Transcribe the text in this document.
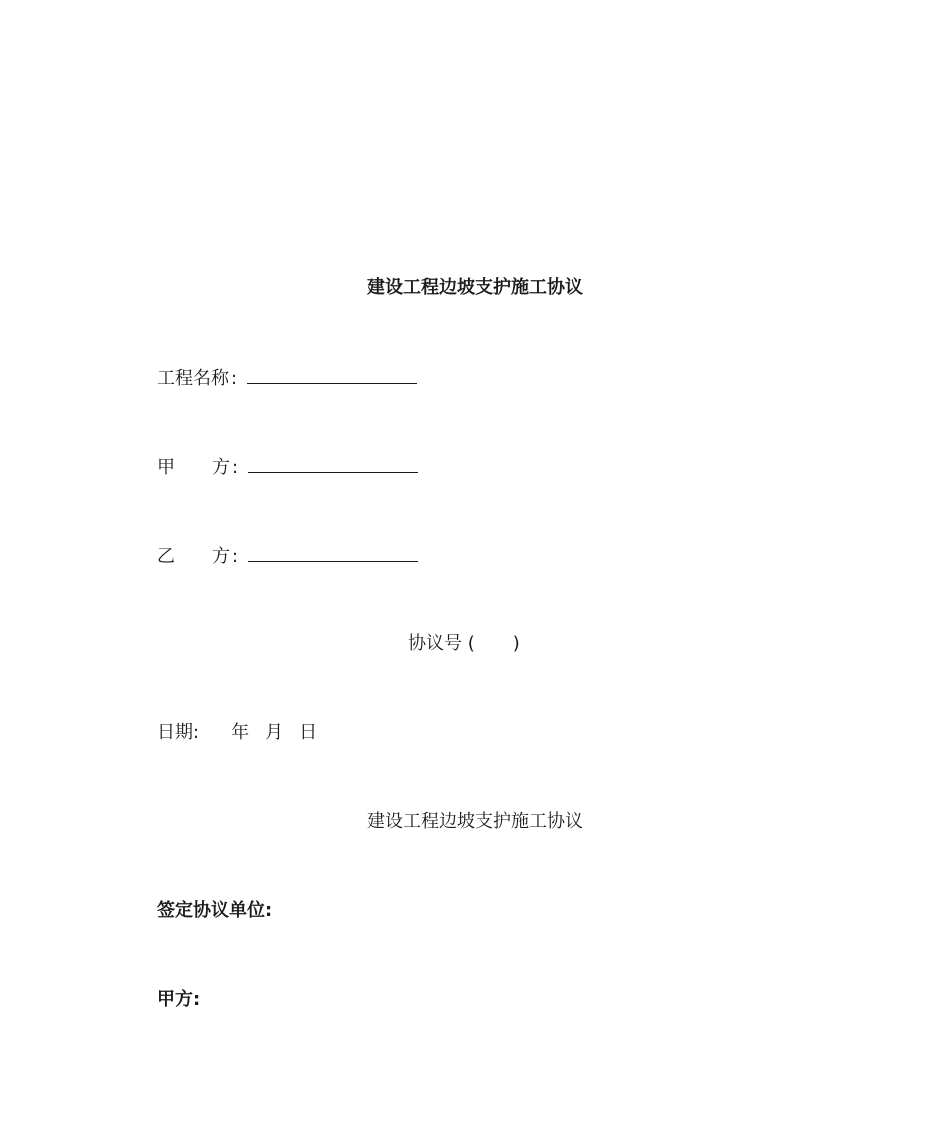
建设工程边坡支护施工协议
工程名称 :
甲 方 :
乙 方 :
协议号 ( )
日期: 年 月 日
建设工程边坡支护施工协议
签定协议单位:
甲方:
